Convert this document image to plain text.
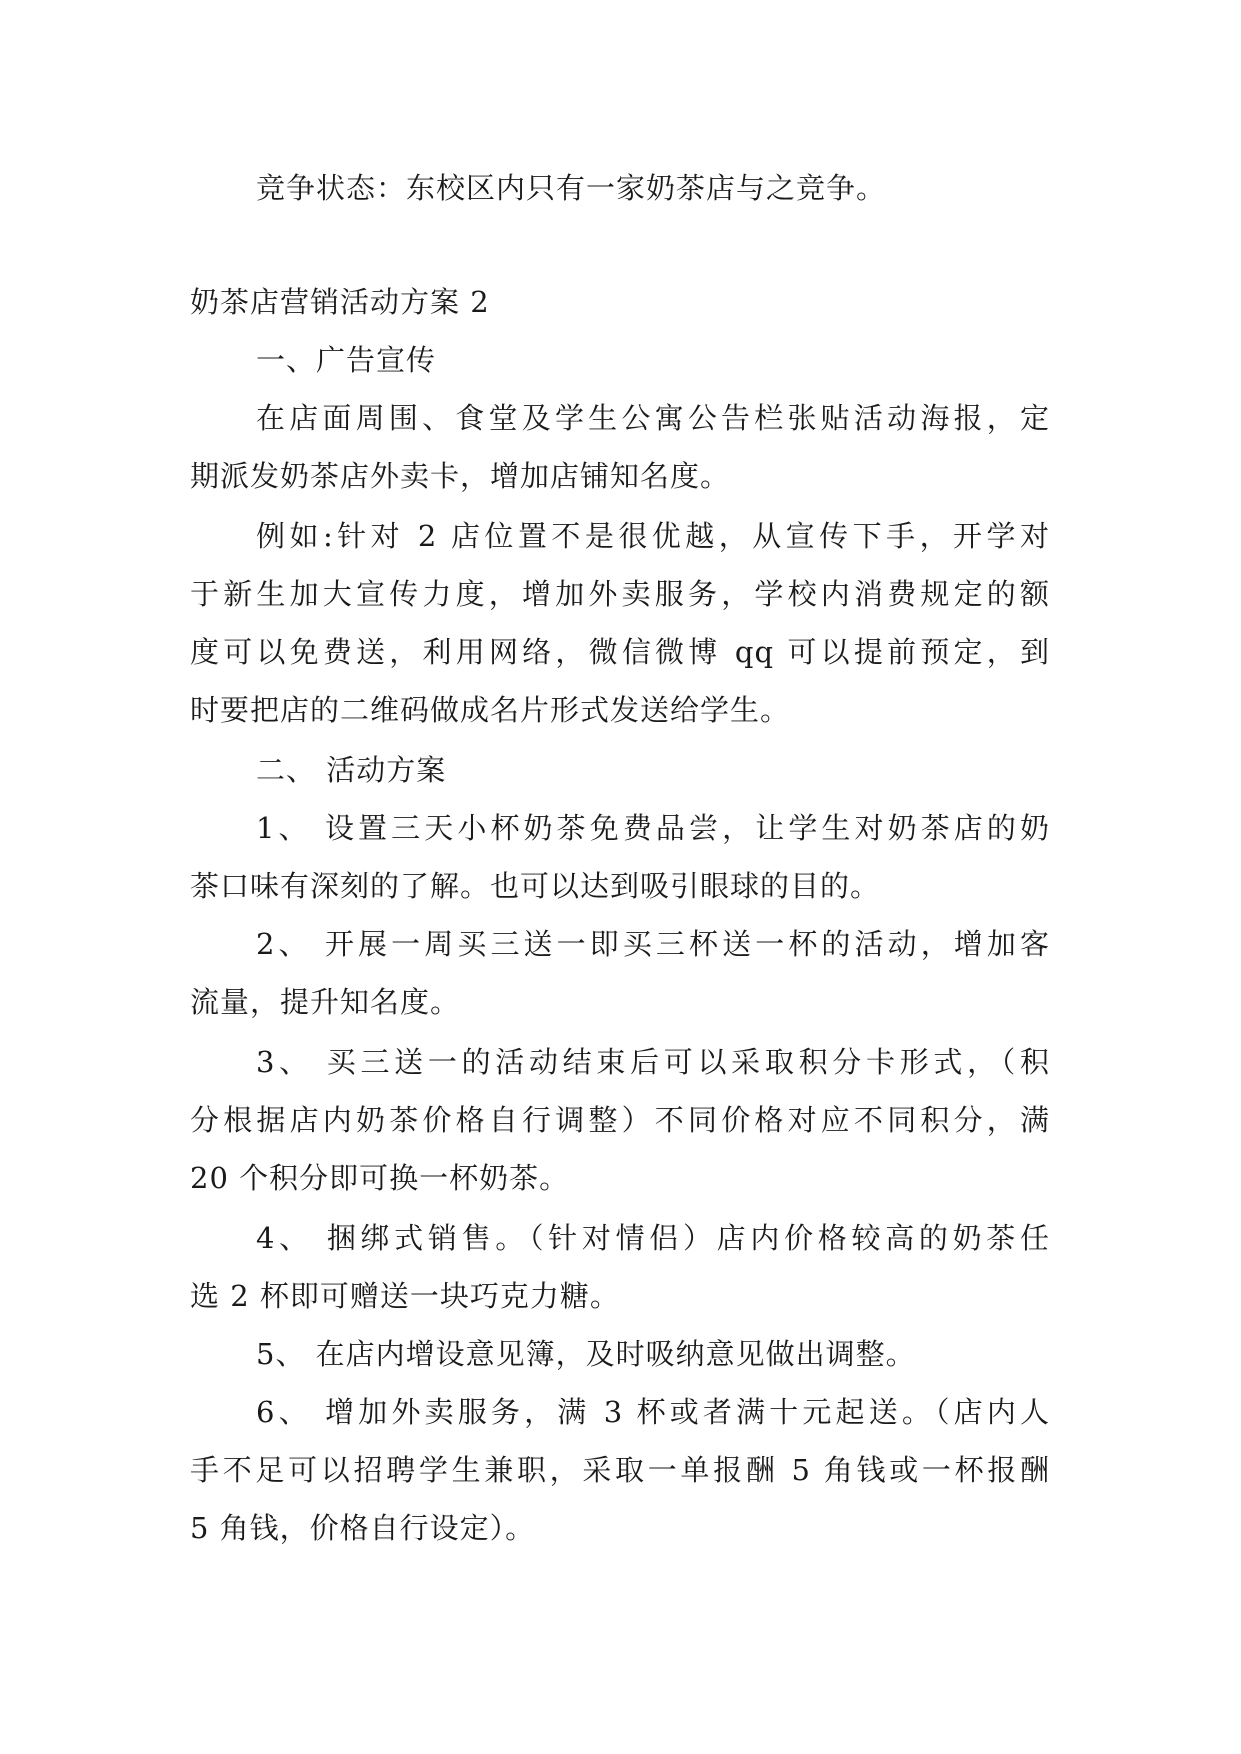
竞争状态：东校区内只有一家奶茶店与之竞争。
奶茶店营销活动方案 2
一、广告宣传
在店面周围、食堂及学生公寓公告栏张贴活动海报，定
期派发奶茶店外卖卡，增加店铺知名度。
例如:针对 2 店位置不是很优越，从宣传下手，开学对
于新生加大宣传力度，增加外卖服务，学校内消费规定的额
度可以免费送，利用网络，微信微博 qq 可以提前预定，到
时要把店的二维码做成名片形式发送给学生。
二、 活动方案
1、 设置三天小杯奶茶免费品尝，让学生对奶茶店的奶
茶口味有深刻的了解。也可以达到吸引眼球的目的。
2、 开展一周买三送一即买三杯送一杯的活动，增加客
流量，提升知名度。
3、 买三送一的活动结束后可以采取积分卡形式，（积
分根据店内奶茶价格自行调整）不同价格对应不同积分，满
20 个积分即可换一杯奶茶。
4、 捆绑式销售。（针对情侣）店内价格较高的奶茶任
选 2 杯即可赠送一块巧克力糖。
5、 在店内增设意见簿，及时吸纳意见做出调整。
6、 增加外卖服务，满 3 杯或者满十元起送。（店内人
手不足可以招聘学生兼职，采取一单报酬 5 角钱或一杯报酬
5 角钱，价格自行设定）。
